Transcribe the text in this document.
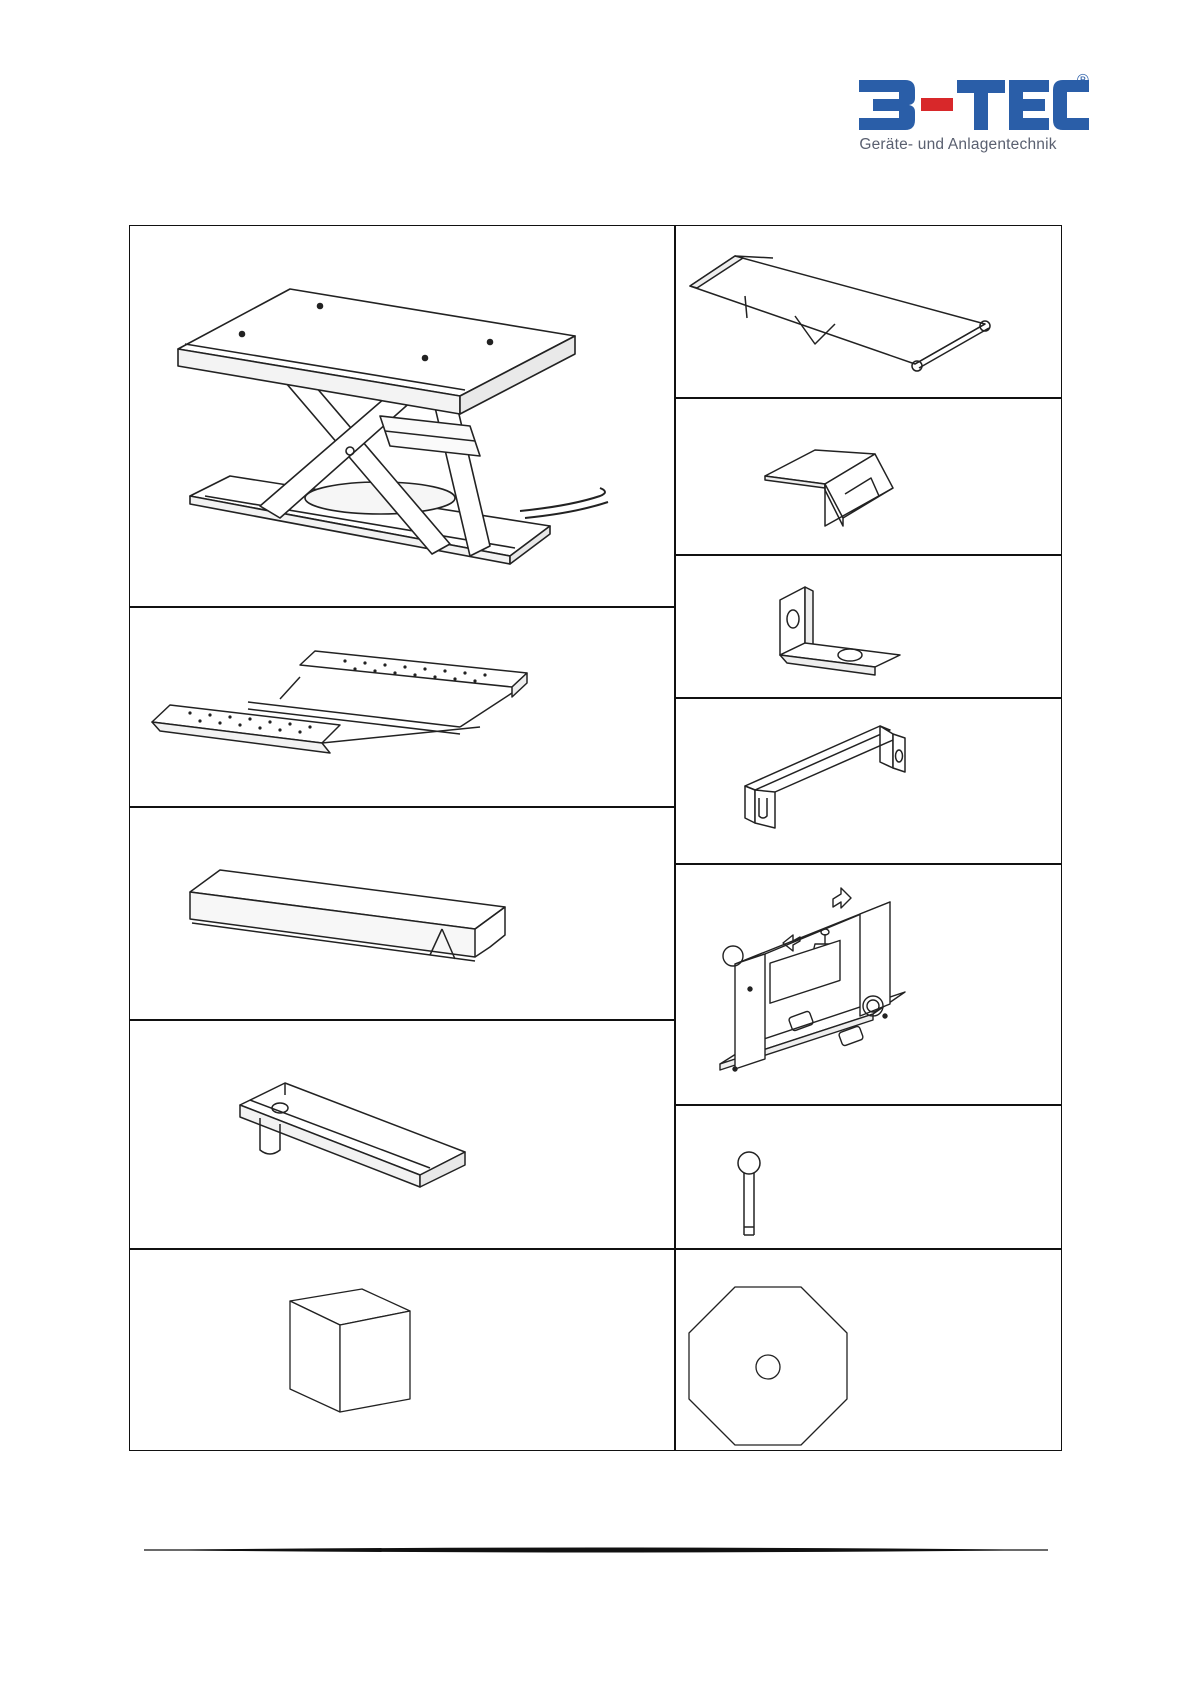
®
Geräte- und Anlagentechnik
